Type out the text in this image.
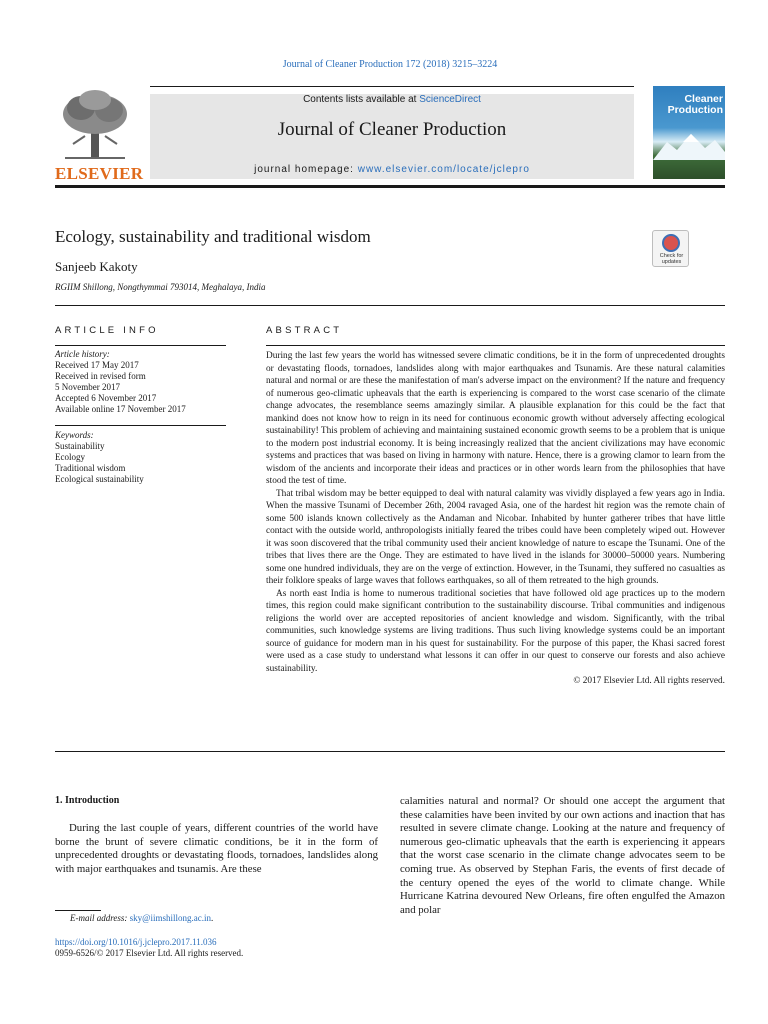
Journal of Cleaner Production 172 (2018) 3215–3224
ELSEVIER
Contents lists available at ScienceDirect
Journal of Cleaner Production
journal homepage: www.elsevier.com/locate/jclepro
Cleaner Production
Ecology, sustainability and traditional wisdom
Sanjeeb Kakoty
RGIIM Shillong, Nongthymmai 793014, Meghalaya, India
Check for updates
ARTICLE INFO
Article history:
Received 17 May 2017
Received in revised form
5 November 2017
Accepted 6 November 2017
Available online 17 November 2017
Keywords:
Sustainability
Ecology
Traditional wisdom
Ecological sustainability
ABSTRACT

During the last few years the world has witnessed severe climatic conditions, be it in the form of unprecedented droughts or devastating floods, tornadoes, landslides along with major earthquakes and Tsunamis. Are these natural calamities natural and normal or are these the manifestation of man's adverse impact on the environment? If the nature and frequency of numerous geo-climatic upheavals that the earth is experiencing is compared to the worst case scenario of the climate change advocates, the resemblance seems amazingly similar. A plausible explanation for this could be the fact that mankind does not know how to reign in its need for continuous economic growth without adversely affecting ecological sustainability! This problem of achieving and maintaining sustained economic growth seems to be a problem that is unique to the modern post industrial economy. It is being increasingly realized that the ancient civilizations may have economic systems and practices that was based on living in harmony with nature. Hence, there is a growing clamor to learn from the wisdom of the ancients and incorporate their ideas and practices or in other words learn from the philosophies that have stood the test of time.

That tribal wisdom may be better equipped to deal with natural calamity was vividly displayed a few years ago in India. When the massive Tsunami of December 26th, 2004 ravaged Asia, one of the hardest hit region was the remote chain of some 500 islands known collectively as the Andaman and Nicobar. Inhabited by hunter gatherer tribes that have little contact with the outside world, anthropologists initially feared the tribes could have been completely wiped out. However it was soon discovered that the tribal community used their ancient knowledge of nature to escape the Tsunami. One of the tribes that lives there are the Onge. They are estimated to have lived in the islands for 30000–50000 years. Numbering some one hundred individuals, they are on the verge of extinction. However, in the Tsunami, they suffered no casualties as their folklore speaks of large waves that follows earthquakes, so all of them retreated to the high grounds.

As north east India is home to numerous traditional societies that have followed old age practices up to the modern times, this region could make significant contribution to the sustainability discourse. Tribal communities and indigenous religions the world over are accepted repositories of ancient knowledge and wisdom. Significantly, with the tribal communities, such knowledge systems are living traditions. Thus such living knowledge systems could be an important source of guidance for modern man in his quest for sustainability. For the purpose of this paper, the Khasi sacred forest were used as a case study to understand what lessons it can offer in our quest to conserve our forests and also achieve sustainability.

© 2017 Elsevier Ltd. All rights reserved.
1. Introduction
During the last couple of years, different countries of the world have borne the brunt of severe climatic conditions, be it in the form of unprecedented droughts or devastating floods, tornadoes, landslides along with major earthquakes and tsunamis. Are these
calamities natural and normal? Or should one accept the argument that these calamities have been invited by our own actions and inaction that has resulted in severe climate change. Looking at the nature and frequency of numerous geo-climatic upheavals that the earth is experiencing it appears that the worst case scenario in the climate change advocates seem to be coming true. As observed by Stephan Faris, the events of first decade of the century opened the eyes of the world to climate change. While Hurricane Katrina devoured New Orleans, fire often engulfed the Amazon and polar
E-mail address: sky@iimshillong.ac.in.
https://doi.org/10.1016/j.jclepro.2017.11.036
0959-6526/© 2017 Elsevier Ltd. All rights reserved.
